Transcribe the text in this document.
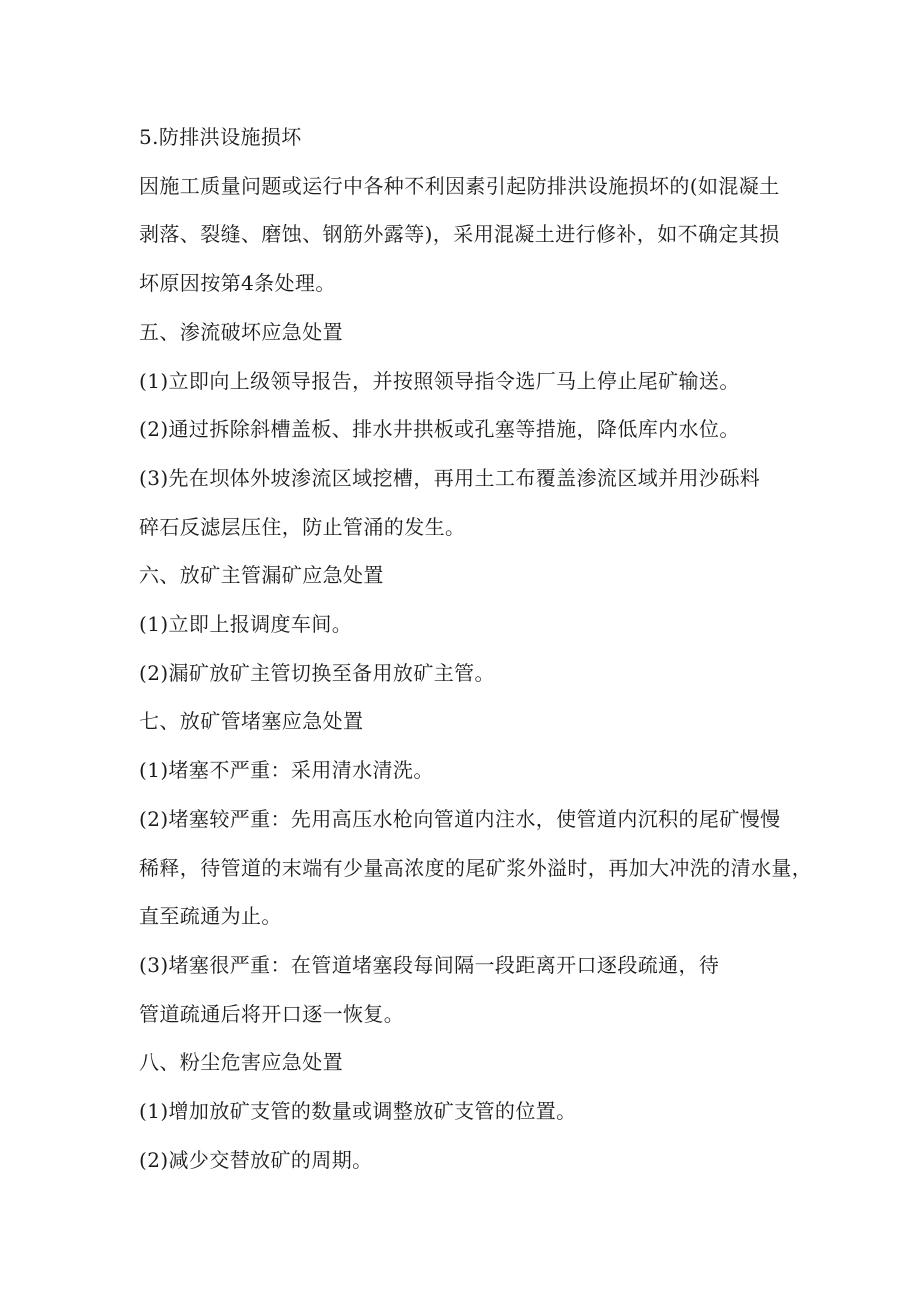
5.防排洪设施损坏

因施工质量问题或运行中各种不利因素引起防排洪设施损坏的(如混凝土

剥落、裂缝、磨蚀、钢筋外露等)，采用混凝土进行修补，如不确定其损

坏原因按第4条处理。

五、渗流破坏应急处置

(1)立即向上级领导报告，并按照领导指令选厂马上停止尾矿输送。

(2)通过拆除斜槽盖板、排水井拱板或孔塞等措施，降低库内水位。

(3)先在坝体外坡渗流区域挖槽，再用土工布覆盖渗流区域并用沙砾料

碎石反滤层压住，防止管涌的发生。

六、放矿主管漏矿应急处置

(1)立即上报调度车间。

(2)漏矿放矿主管切换至备用放矿主管。

七、放矿管堵塞应急处置

(1)堵塞不严重：采用清水清洗。

(2)堵塞较严重：先用高压水枪向管道内注水，使管道内沉积的尾矿慢慢

稀释，待管道的末端有少量高浓度的尾矿浆外溢时，再加大冲洗的清水量，

直至疏通为止。

(3)堵塞很严重：在管道堵塞段每间隔一段距离开口逐段疏通，待

管道疏通后将开口逐一恢复。

八、粉尘危害应急处置

(1)增加放矿支管的数量或调整放矿支管的位置。

(2)减少交替放矿的周期。
